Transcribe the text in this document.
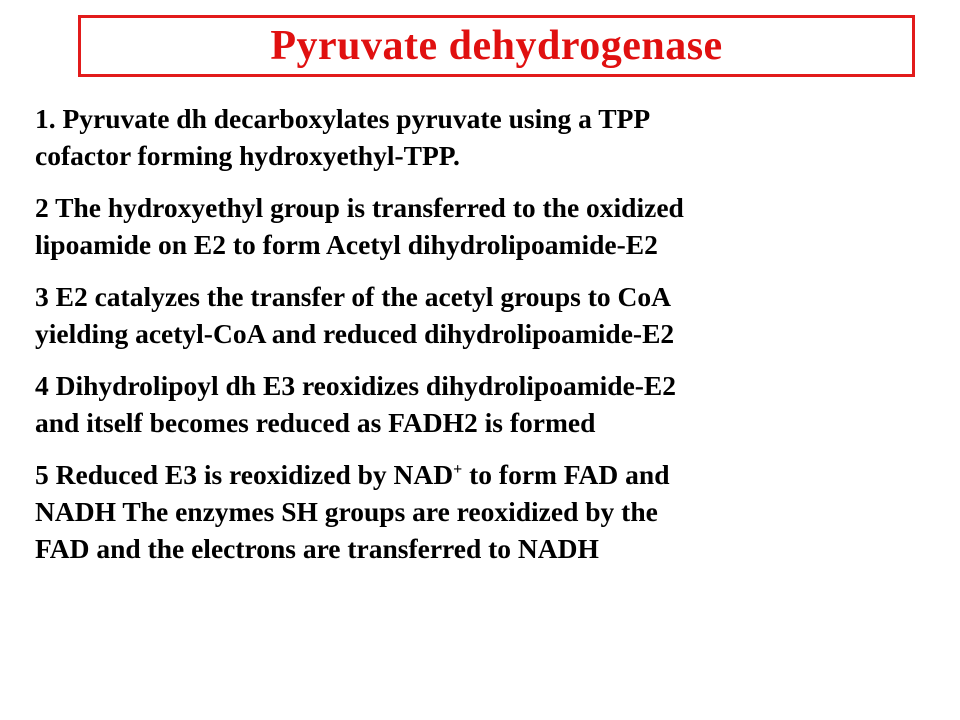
Pyruvate dehydrogenase

1. Pyruvate dh decarboxylates pyruvate using a TPP
cofactor forming hydroxyethyl-TPP.

2 The hydroxyethyl group is transferred to the oxidized
lipoamide on E2 to form Acetyl dihydrolipoamide-E2

3 E2 catalyzes the transfer of the acetyl groups to CoA
yielding acetyl-CoA and reduced dihydrolipoamide-E2

4 Dihydrolipoyl dh E3 reoxidizes dihydrolipoamide-E2
and itself becomes reduced as FADH2 is formed

5 Reduced E3 is reoxidized by NAD+ to form FAD and
NADH The enzymes SH groups are reoxidized by the
FAD and the electrons are transferred to NADH
